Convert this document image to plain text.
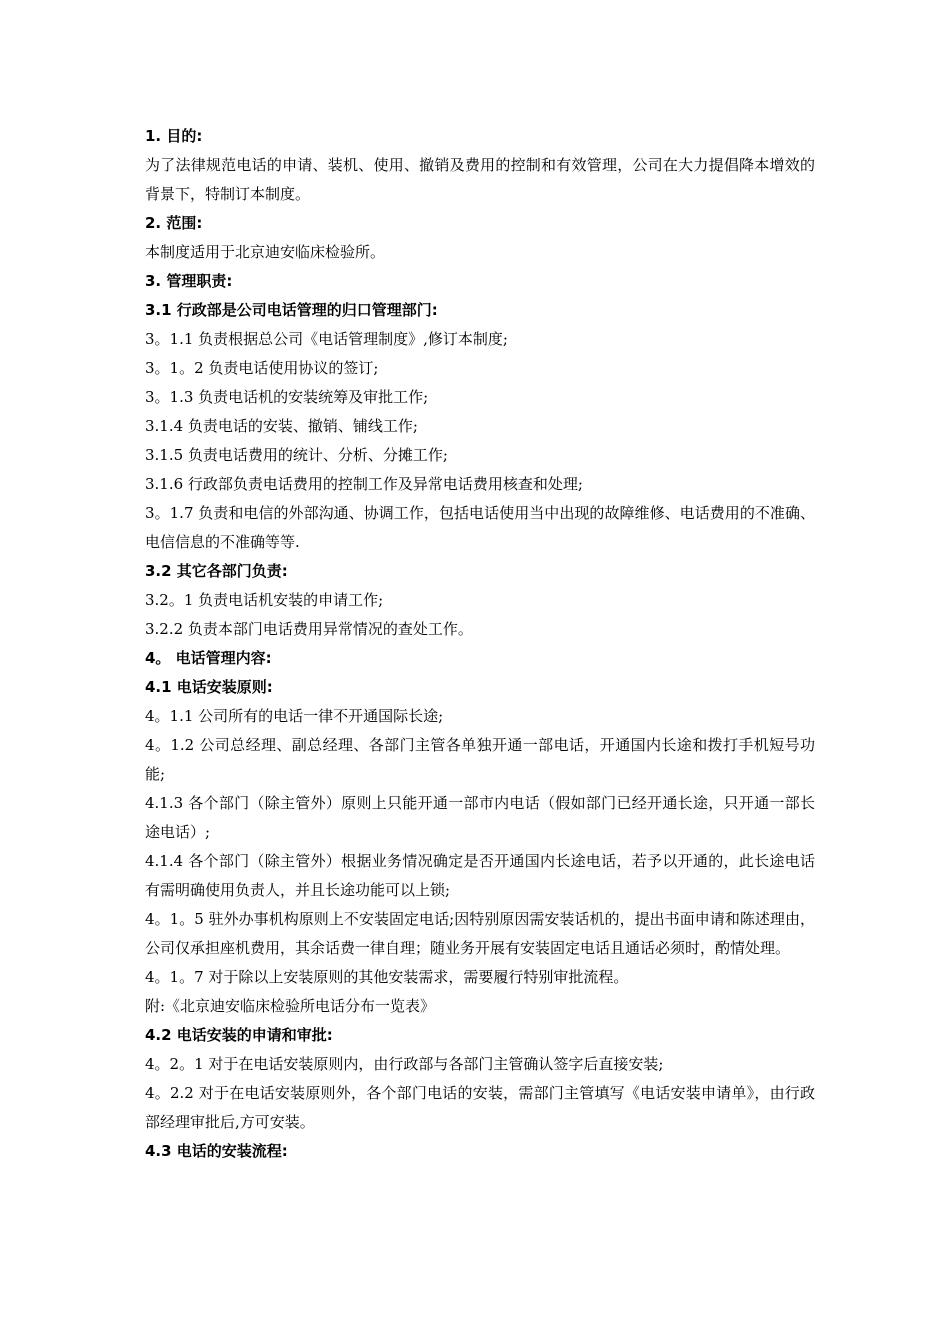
1. 目的:

为了法律规范电话的申请、装机、使用、撤销及费用的控制和有效管理，公司在大力提倡降本增效的背景下，特制订本制度。

2. 范围:

本制度适用于北京迪安临床检验所。

3. 管理职责:

3.1 行政部是公司电话管理的归口管理部门:

3。1.1 负责根据总公司《电话管理制度》,修订本制度;

3。1。2 负责电话使用协议的签订;

3。1.3 负责电话机的安装统筹及审批工作;

3.1.4 负责电话的安装、撤销、铺线工作;

3.1.5 负责电话费用的统计、分析、分摊工作;

3.1.6 行政部负责电话费用的控制工作及异常电话费用核查和处理;

3。1.7 负责和电信的外部沟通、协调工作，包括电话使用当中出现的故障维修、电话费用的不准确、电信信息的不准确等等.

3.2 其它各部门负责:

3.2。1 负责电话机安装的申请工作;

3.2.2 负责本部门电话费用异常情况的查处工作。

4。 电话管理内容:

4.1 电话安装原则:

4。1.1 公司所有的电话一律不开通国际长途;

4。1.2 公司总经理、副总经理、各部门主管各单独开通一部电话，开通国内长途和拨打手机短号功能;

4.1.3 各个部门（除主管外）原则上只能开通一部市内电话（假如部门已经开通长途，只开通一部长途电话）;

4.1.4 各个部门（除主管外）根据业务情况确定是否开通国内长途电话，若予以开通的，此长途电话有需明确使用负责人，并且长途功能可以上锁;

4。1。5 驻外办事机构原则上不安装固定电话;因特别原因需安装话机的，提出书面申请和陈述理由，公司仅承担座机费用，其余话费一律自理；随业务开展有安装固定电话且通话必须时，酌情处理。

4。1。7 对于除以上安装原则的其他安装需求，需要履行特别审批流程。

附:《北京迪安临床检验所电话分布一览表》

4.2 电话安装的申请和审批:

4。2。1 对于在电话安装原则内，由行政部与各部门主管确认签字后直接安装;

4。2.2 对于在电话安装原则外，各个部门电话的安装，需部门主管填写《电话安装申请单》，由行政部经理审批后,方可安装。

4.3 电话的安装流程:
